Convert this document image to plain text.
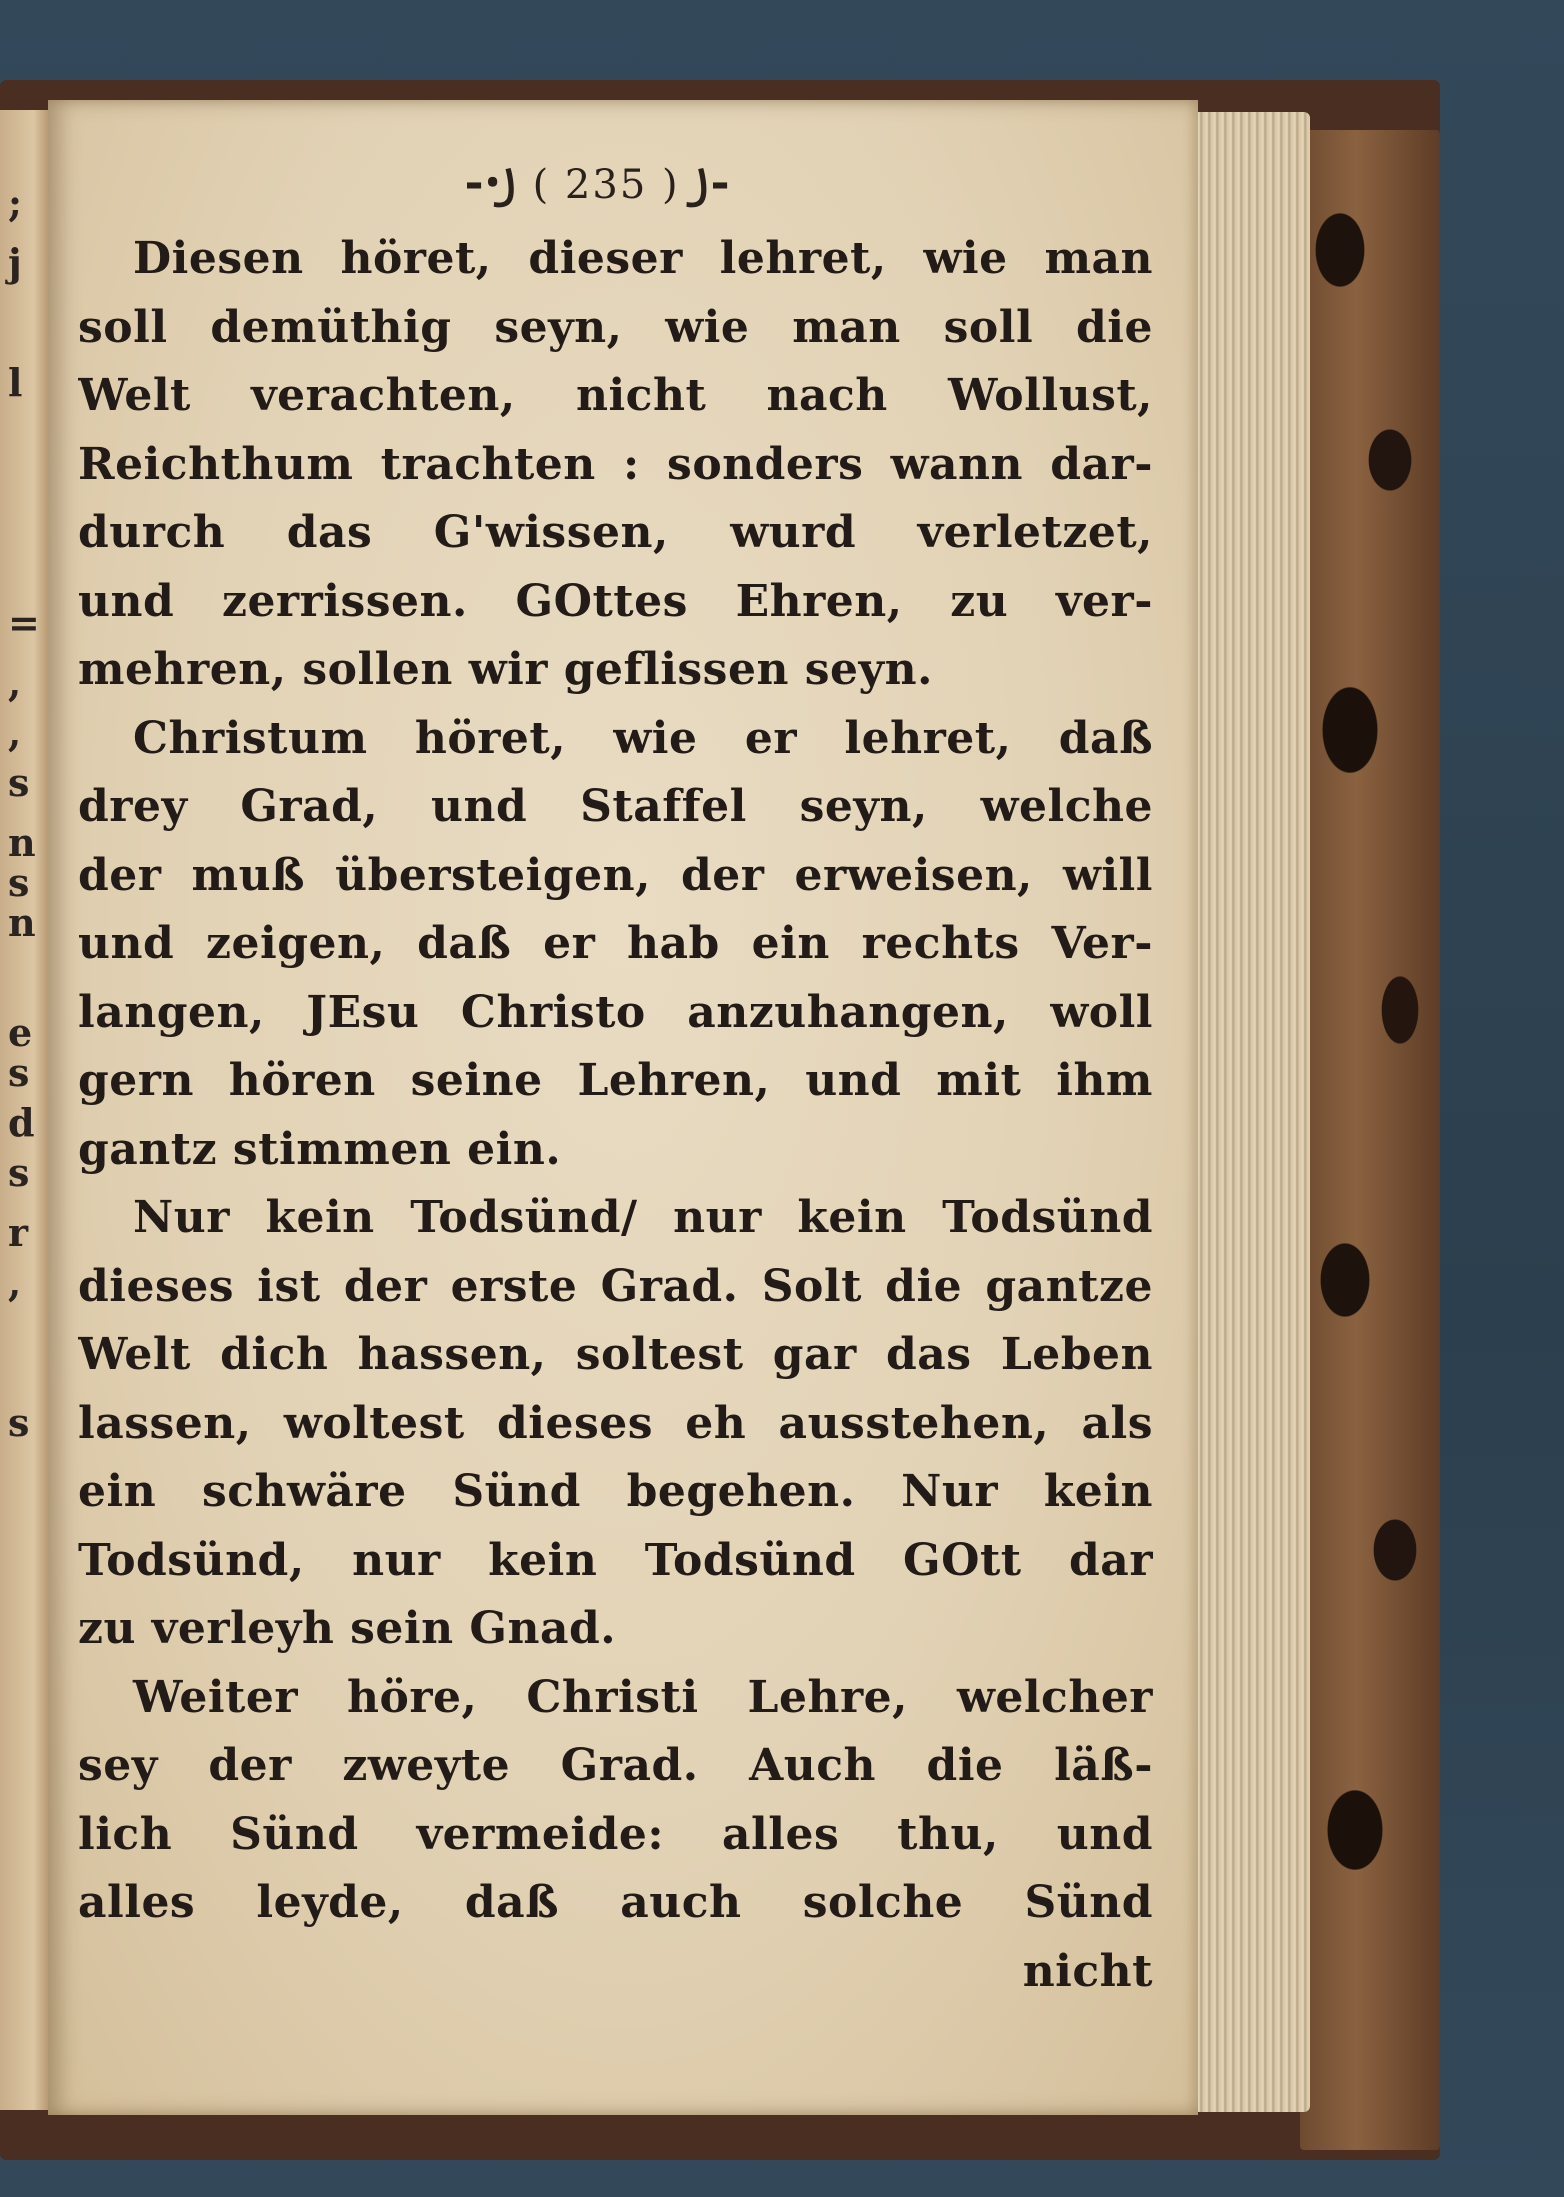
-ꞏ꠸ ( 235 ) ꠸-
Diesen höret, dieser lehret, wie man
soll demüthig seyn, wie man soll die
Welt verachten, nicht nach Wollust,
Reichthum trachten : sonders wann dar-
durch das G'wissen, wurd verletzet,
und zerrissen. GOttes Ehren, zu ver-
mehren, sollen wir geflissen seyn.
Christum höret, wie er lehret, daß
drey Grad, und Staffel seyn, welche
der muß übersteigen, der erweisen, will
und zeigen, daß er hab ein rechts Ver-
langen, JEsu Christo anzuhangen, woll
gern hören seine Lehren, und mit ihm
gantz stimmen ein.
Nur kein Todsünd/ nur kein Todsünd
dieses ist der erste Grad. Solt die gantze
Welt dich hassen, soltest gar das Leben
lassen, woltest dieses eh ausstehen, als
ein schwäre Sünd begehen. Nur kein
Todsünd, nur kein Todsünd GOtt dar
zu verleyh sein Gnad.
Weiter höre, Christi Lehre, welcher
sey der zweyte Grad. Auch die läß-
lich Sünd vermeide: alles thu, und
alles leyde, daß auch solche Sünd
nicht
;
j
l
=
,
,
s
n
s
n
e
s
d
s
r
,
s
